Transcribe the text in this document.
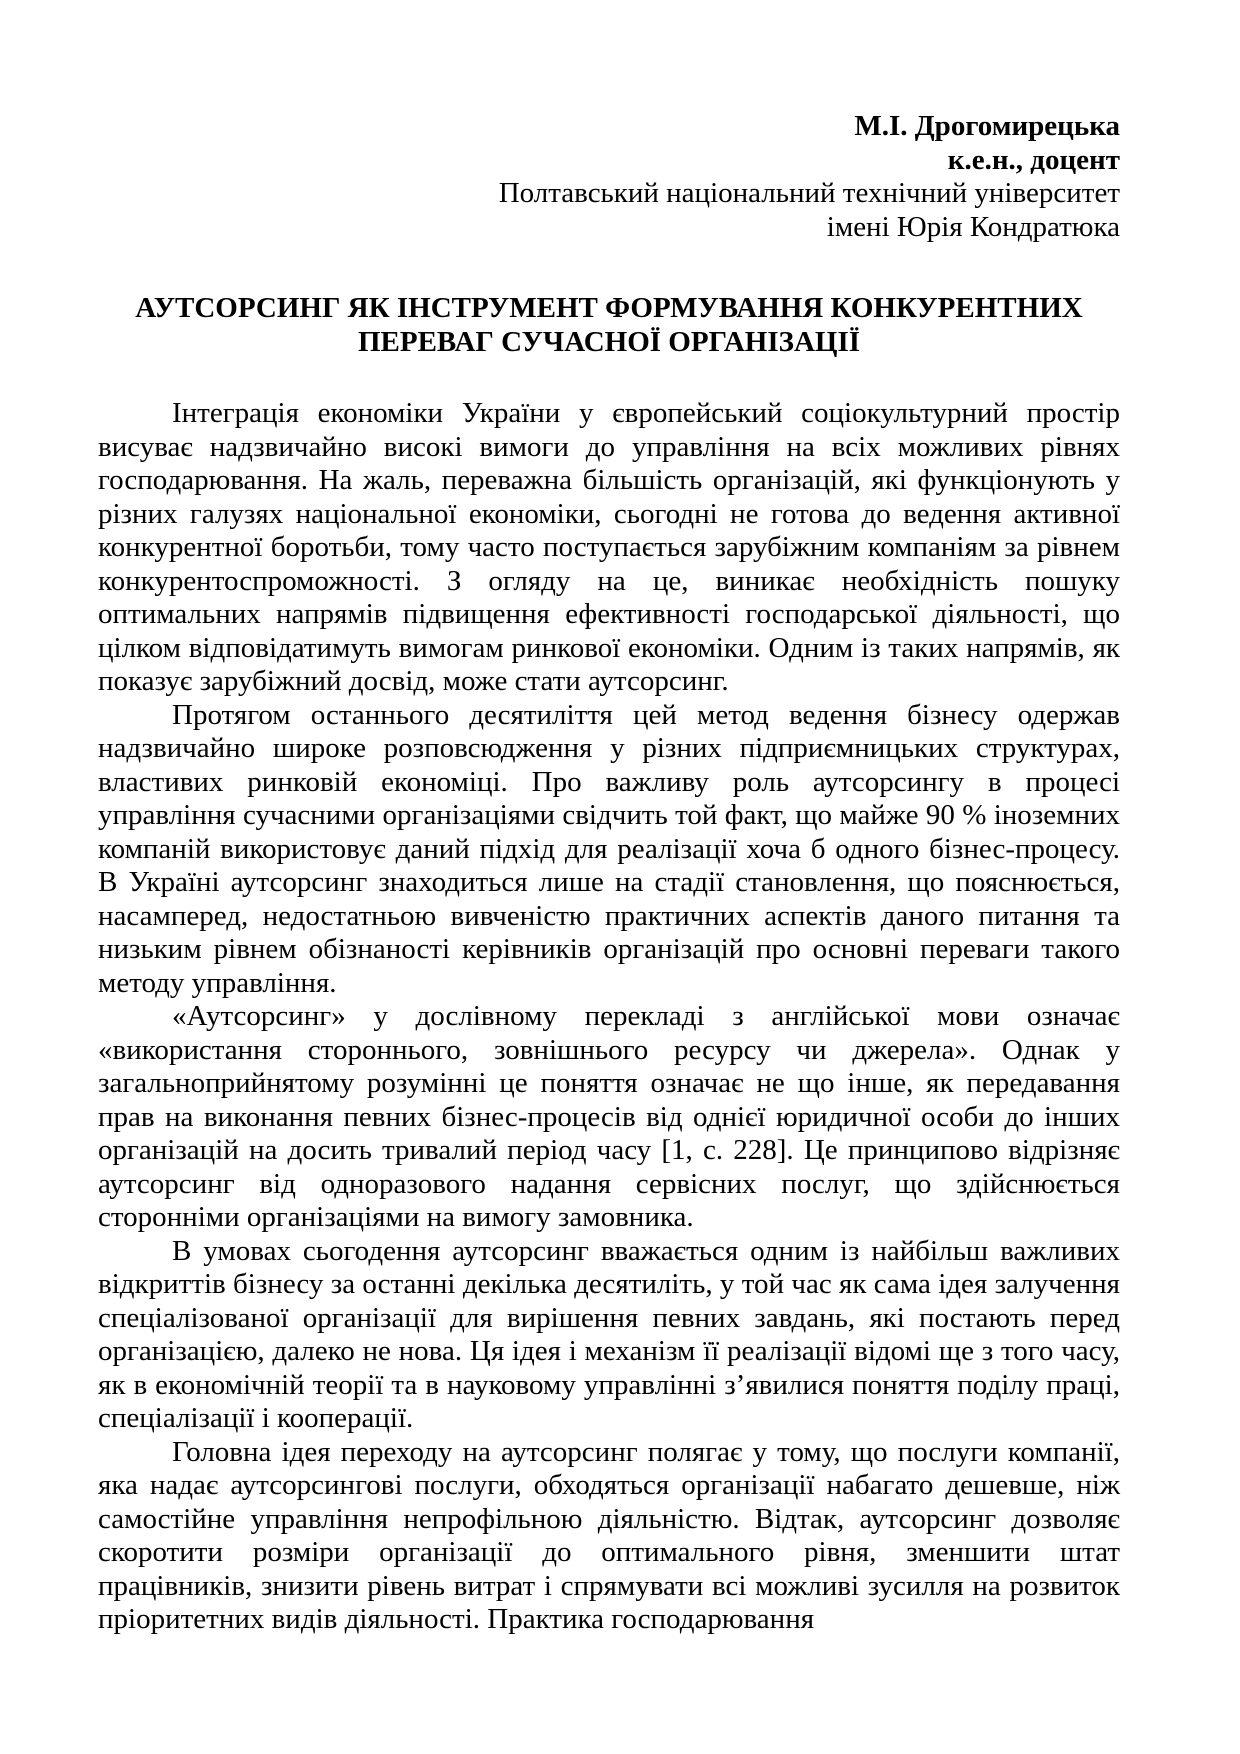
М.І. Дрогомирецька
к.е.н., доцент
Полтавський національний технічний університет
імені Юрія Кондратюка
АУТСОРСИНГ ЯК ІНСТРУМЕНТ ФОРМУВАННЯ КОНКУРЕНТНИХ
ПЕРЕВАГ СУЧАСНОЇ ОРГАНІЗАЦІЇ

Інтеграція економіки України у європейський соціокультурний простір висуває надзвичайно високі вимоги до управління на всіх можливих рівнях господарювання. На жаль, переважна більшість організацій, які функціонують у різних галузях національної економіки, сьогодні не готова до ведення активної конкурентної боротьби, тому часто поступається зарубіжним компаніям за рівнем конкурентоспроможності. З огляду на це, виникає необхідність пошуку оптимальних напрямів підвищення ефективності господарської діяльності, що цілком відповідатимуть вимогам ринкової економіки. Одним із таких напрямів, як показує зарубіжний досвід, може стати аутсорсинг.

Протягом останнього десятиліття цей метод ведення бізнесу одержав надзвичайно широке розповсюдження у різних підприємницьких структурах, властивих ринковій економіці. Про важливу роль аутсорсингу в процесі управління сучасними організаціями свідчить той факт, що майже 90 % іноземних компаній використовує даний підхід для реалізації хоча б одного бізнес-процесу. В Україні аутсорсинг знаходиться лише на стадії становлення, що пояснюється, насамперед, недостатньою вивченістю практичних аспектів даного питання та низьким рівнем обізнаності керівників організацій про основні переваги такого методу управління.

«Аутсорсинг» у дослівному перекладі з англійської мови означає «використання стороннього, зовнішнього ресурсу чи джерела». Однак у загальноприйнятому розумінні це поняття означає не що інше, як передавання прав на виконання певних бізнес-процесів від однієї юридичної особи до інших організацій на досить тривалий період часу [1, с. 228]. Це принципово відрізняє аутсорсинг від одноразового надання сервісних послуг, що здійснюється сторонніми організаціями на вимогу замовника.

В умовах сьогодення аутсорсинг вважається одним із найбільш важливих відкриттів бізнесу за останні декілька десятиліть, у той час як сама ідея залучення спеціалізованої організації для вирішення певних завдань, які постають перед організацією, далеко не нова. Ця ідея і механізм її реалізації відомі ще з того часу, як в економічній теорії та в науковому управлінні з’явилися поняття поділу праці, спеціалізації і кооперації.

Головна ідея переходу на аутсорсинг полягає у тому, що послуги компанії, яка надає аутсорсингові послуги, обходяться організації набагато дешевше, ніж самостійне управління непрофільною діяльністю. Відтак, аутсорсинг дозволяє скоротити розміри організації до оптимального рівня, зменшити штат працівників, знизити рівень витрат і спрямувати всі можливі зусилля на розвиток пріоритетних видів діяльності. Практика господарювання
